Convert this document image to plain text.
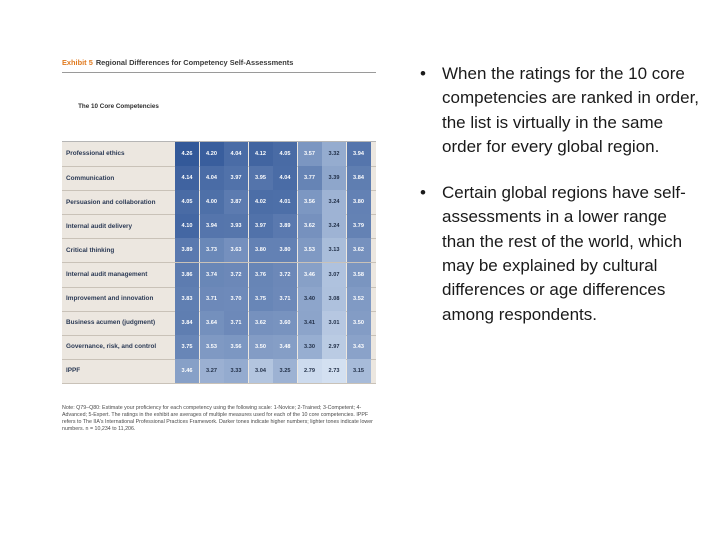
Exhibit 5 Regional Differences for Competency Self-Assessments
The 10 Core Competencies
Professional ethics	4.26	4.20	4.04	4.12	4.05	3.57	3.32	3.94
Communication	4.14	4.04	3.97	3.95	4.04	3.77	3.39	3.84
Persuasion and collaboration	4.05	4.00	3.87	4.02	4.01	3.56	3.24	3.80
Internal audit delivery	4.10	3.94	3.93	3.97	3.89	3.62	3.24	3.79
Critical thinking	3.89	3.73	3.63	3.80	3.80	3.53	3.13	3.62
Internal audit management	3.86	3.74	3.72	3.76	3.72	3.46	3.07	3.58
Improvement and innovation	3.83	3.71	3.70	3.75	3.71	3.40	3.08	3.52
Business acumen (judgment)	3.84	3.64	3.71	3.62	3.60	3.41	3.01	3.50
Governance, risk, and control	3.75	3.53	3.56	3.50	3.48	3.30	2.97	3.43
IPPF	3.46	3.27	3.33	3.04	3.25	2.79	2.73	3.15
Note: Q79–Q80: Estimate your proficiency for each competency using the following scale: 1-Novice; 2-Trained; 3-Competent; 4-Advanced; 5-Expert. The ratings in the exhibit are averages of multiple measures used for each of the 10 core competencies. IPPF refers to The IIA's International Professional Practices Framework. Darker tones indicate higher numbers; lighter tones indicate lower numbers. n = 10,234 to 11,206.
• When the ratings for the 10 core competencies are ranked in order, the list is virtually in the same order for every global region.
• Certain global regions have self-assessments in a lower range than the rest of the world, which may be explained by cultural differences or age differences among respondents.
